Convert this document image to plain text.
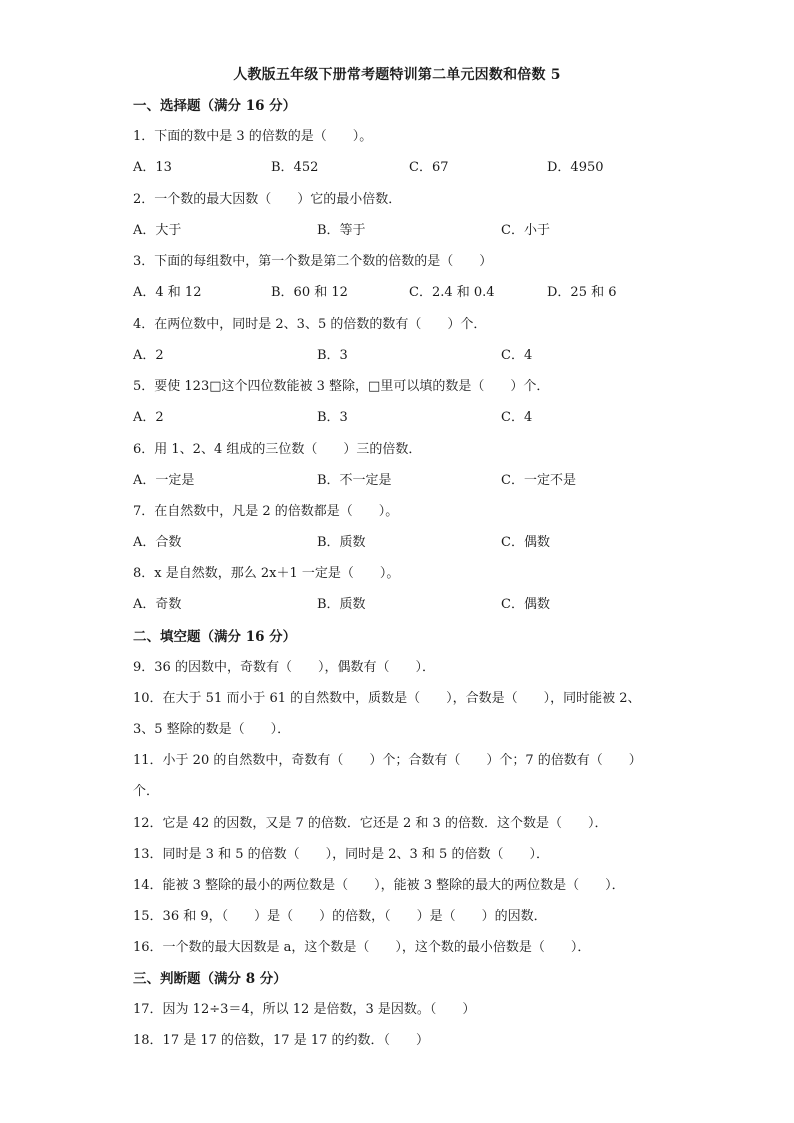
人教版五年级下册常考题特训第二单元因数和倍数 5
一、选择题（满分 16 分）
1．下面的数中是 3 的倍数的是（　　）。
A．13	B．452	C．67	D．4950
2．一个数的最大因数（　　）它的最小倍数．
A．大于	B．等于	C．小于
3．下面的每组数中，第一个数是第二个数的倍数的是（　　）
A．4 和 12	B．60 和 12	C．2.4 和 0.4	D．25 和 6
4．在两位数中，同时是 2、3、5 的倍数的数有（　　）个．
A．2	B．3	C．4
5．要使 123□这个四位数能被 3 整除，□里可以填的数是（　　）个．
A．2	B．3	C．4
6．用 1、2、4 组成的三位数（　　）三的倍数．
A．一定是	B．不一定是	C．一定不是
7．在自然数中，凡是 2 的倍数都是（　　）。
A．合数	B．质数	C．偶数
8．x 是自然数，那么 2x＋1 一定是（　　）。
A．奇数	B．质数	C．偶数
二、填空题（满分 16 分）
9．36 的因数中，奇数有（　　），偶数有（　　）．
10．在大于 51 而小于 61 的自然数中，质数是（　　），合数是（　　），同时能被 2、
3、5 整除的数是（　　）．
11．小于 20 的自然数中，奇数有（　　）个；合数有（　　）个；7 的倍数有（　　）
个．
12．它是 42 的因数，又是 7 的倍数．它还是 2 和 3 的倍数．这个数是（　　）．
13．同时是 3 和 5 的倍数（　　），同时是 2、3 和 5 的倍数（　　）．
14．能被 3 整除的最小的两位数是（　　），能被 3 整除的最大的两位数是（　　）．
15．36 和 9，（　　）是（　　）的倍数，（　　）是（　　）的因数．
16．一个数的最大因数是 a，这个数是（　　），这个数的最小倍数是（　　）．
三、判断题（满分 8 分）
17．因为 12÷3＝4，所以 12 是倍数，3 是因数。（　　）
18．17 是 17 的倍数，17 是 17 的约数．（　　）
